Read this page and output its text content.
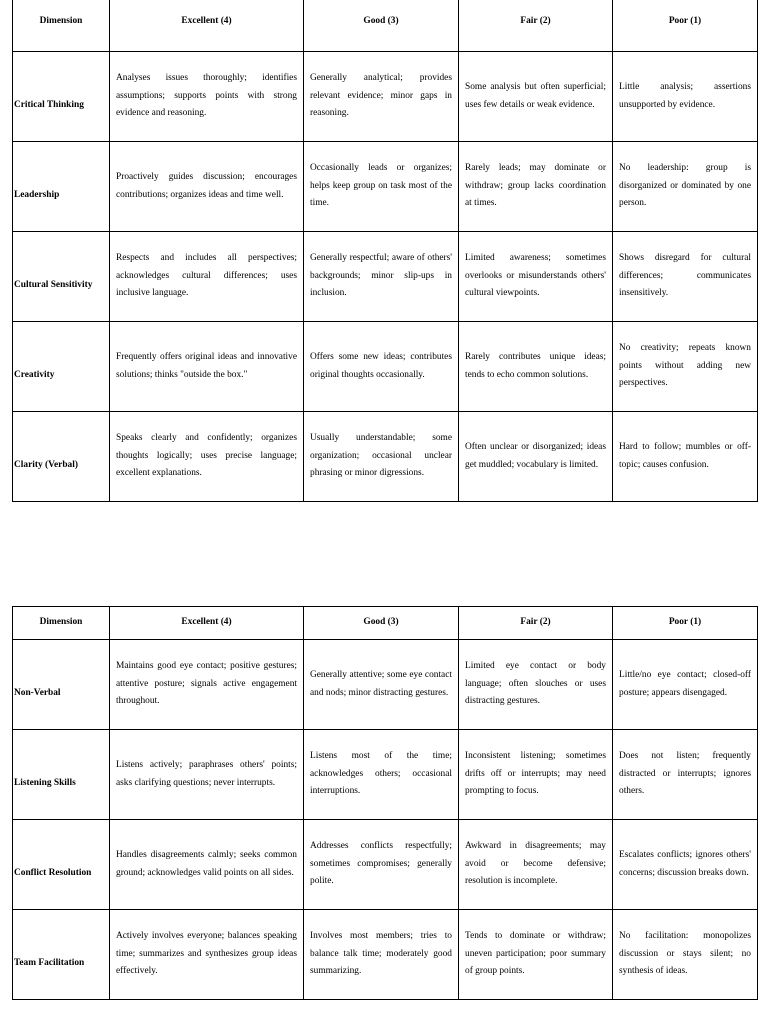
Dimension	Excellent (4)	Good (3)	Fair (2)	Poor (1)
Critical Thinking	Analyses issues thoroughly; identifies assumptions; supports points with strong evidence and reasoning.	Generally analytical; provides relevant evidence; minor gaps in reasoning.	Some analysis but often superficial; uses few details or weak evidence.	Little analysis; assertions unsupported by evidence.
Leadership	Proactively guides discussion; encourages contributions; organizes ideas and time well.	Occasionally leads or organizes; helps keep group on task most of the time.	Rarely leads; may dominate or withdraw; group lacks coordination at times.	No leadership: group is disorganized or dominated by one person.
Cultural Sensitivity	Respects and includes all perspectives; acknowledges cultural differences; uses inclusive language.	Generally respectful; aware of others' backgrounds; minor slip-ups in inclusion.	Limited awareness; sometimes overlooks or misunderstands others' cultural viewpoints.	Shows disregard for cultural differences; communicates insensitively.
Creativity	Frequently offers original ideas and innovative solutions; thinks "outside the box."	Offers some new ideas; contributes original thoughts occasionally.	Rarely contributes unique ideas; tends to echo common solutions.	No creativity; repeats known points without adding new perspectives.
Clarity (Verbal)	Speaks clearly and confidently; organizes thoughts logically; uses precise language; excellent explanations.	Usually understandable; some organization; occasional unclear phrasing or minor digressions.	Often unclear or disorganized; ideas get muddled; vocabulary is limited.	Hard to follow; mumbles or off-topic; causes confusion.
Dimension	Excellent (4)	Good (3)	Fair (2)	Poor (1)
Non-Verbal	Maintains good eye contact; positive gestures; attentive posture; signals active engagement throughout.	Generally attentive; some eye contact and nods; minor distracting gestures.	Limited eye contact or body language; often slouches or uses distracting gestures.	Little/no eye contact; closed-off posture; appears disengaged.
Listening Skills	Listens actively; paraphrases others' points; asks clarifying questions; never interrupts.	Listens most of the time; acknowledges others; occasional interruptions.	Inconsistent listening; sometimes drifts off or interrupts; may need prompting to focus.	Does not listen; frequently distracted or interrupts; ignores others.
Conflict Resolution	Handles disagreements calmly; seeks common ground; acknowledges valid points on all sides.	Addresses conflicts respectfully; sometimes compromises; generally polite.	Awkward in disagreements; may avoid or become defensive; resolution is incomplete.	Escalates conflicts; ignores others' concerns; discussion breaks down.
Team Facilitation	Actively involves everyone; balances speaking time; summarizes and synthesizes group ideas effectively.	Involves most members; tries to balance talk time; moderately good summarizing.	Tends to dominate or withdraw; uneven participation; poor summary of group points.	No facilitation: monopolizes discussion or stays silent; no synthesis of ideas.
